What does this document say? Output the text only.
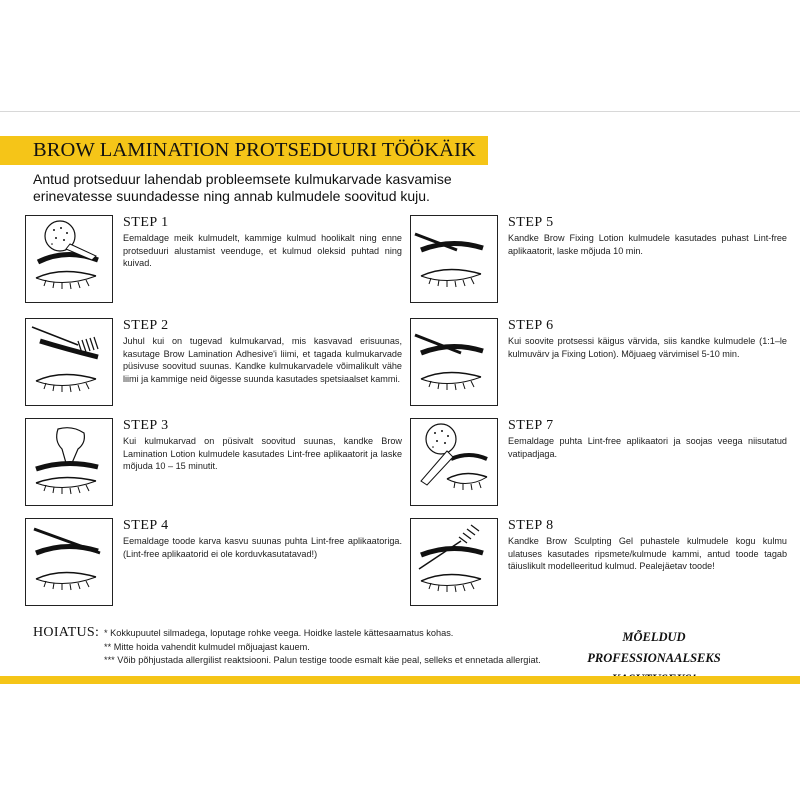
BROW LAMINATION PROTSEDUURI TÖÖKÄIK
Antud protseduur lahendab probleemsete kulmukarvade kasvamise erinevatesse suundadesse ning annab kulmudele soovitud kuju.
STEP 1
Eemaldage meik kulmudelt, kammige kulmud hoolikalt ning enne protseduuri alustamist veenduge, et kulmud oleksid puhtad ning kuivad.
STEP 2
Juhul kui on tugevad kulmukarvad, mis kasvavad erisuunas, kasutage Brow Lamination Adhesive'i liimi, et tagada kulmukarvade püsivuse soovitud suunas. Kandke kulmukarvadele võimalikult vähe liimi ja kammige neid õigesse suunda kasutades spetsiaalset kammi.
STEP 3
Kui kulmukarvad on püsivalt soovitud suunas, kandke Brow Lamination Lotion kulmudele kasutades Lint-free aplikaatorit ja laske mõjuda 10 – 15 minutit.
STEP 4
Eemaldage toode karva kasvu suunas puhta Lint-free aplikaatoriga. (Lint-free aplikaatorid ei ole korduvkasutatavad!)
STEP 5
Kandke Brow Fixing Lotion kulmudele kasutades puhast Lint-free aplikaatorit, laske mõjuda 10 min.
STEP 6
Kui soovite protsessi käigus värvida, siis kandke kulmudele (1:1–le kulmuvärv ja Fixing Lotion). Mõjuaeg värvimisel 5-10 min.
STEP 7
Eemaldage puhta Lint-free aplikaatori ja soojas veega niisutatud vatipadjaga.
STEP 8
Kandke Brow Sculpting Gel puhastele kulmudele kogu kulmu ulatuses kasutades ripsmete/kulmude kammi, antud toode tagab täiuslikult modelleeritud kulmud. Pealejäetav toode!
HOIATUS: * Kokkupuutel silmadega, loputage rohke veega. Hoidke lastele kättesaamatus kohas.
** Mitte hoida vahendit kulmudel mõjuajast kauem.
*** Võib põhjustada allergilist reaktsiooni. Palun testige toode esmalt käe peal, selleks et ennetada allergiat.
MÕELDUD PROFESSIONAALSEKS
